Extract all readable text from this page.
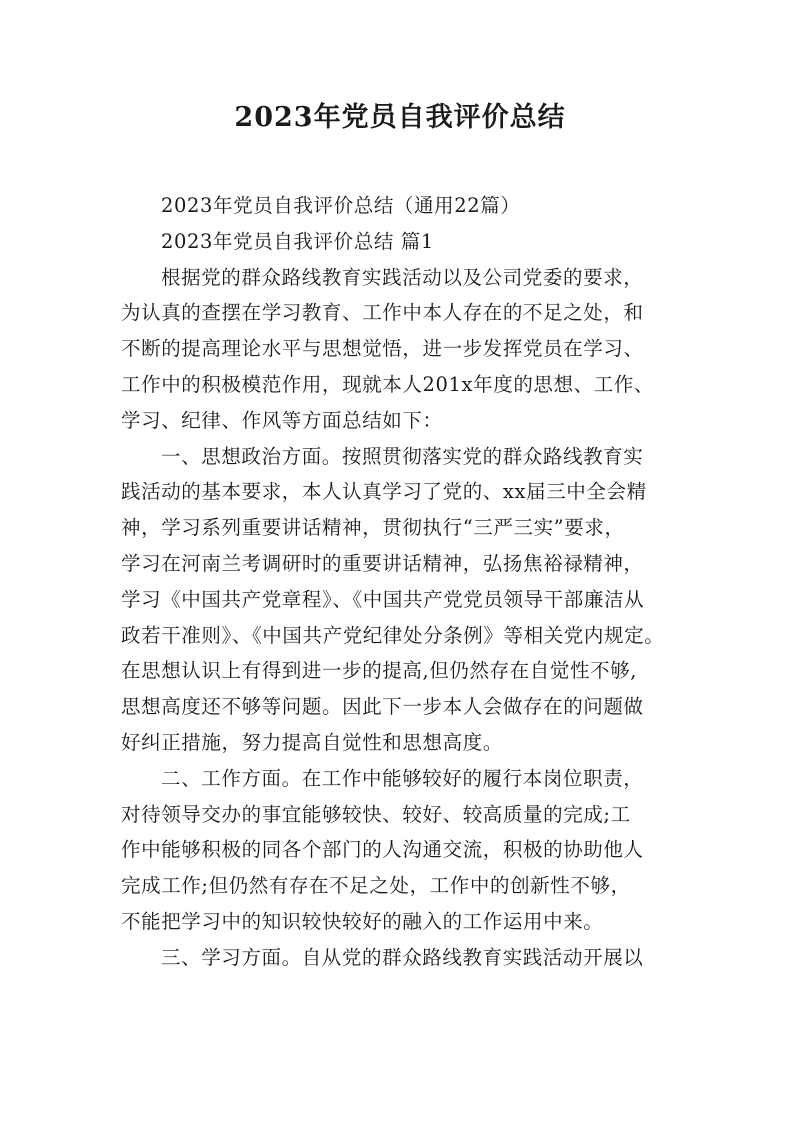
2023年党员自我评价总结
2023年党员自我评价总结（通用22篇）
2023年党员自我评价总结 篇1
根据党的群众路线教育实践活动以及公司党委的要求，
为认真的查摆在学习教育、工作中本人存在的不足之处，和
不断的提高理论水平与思想觉悟，进一步发挥党员在学习、
工作中的积极模范作用，现就本人201x年度的思想、工作、
学习、纪律、作风等方面总结如下：
一、思想政治方面。按照贯彻落实党的群众路线教育实
践活动的基本要求，本人认真学习了党的、xx届三中全会精
神，学习系列重要讲话精神，贯彻执行“三严三实”要求，
学习在河南兰考调研时的重要讲话精神，弘扬焦裕禄精神，
学习《中国共产党章程》、《中国共产党党员领导干部廉洁从
政若干准则》、《中国共产党纪律处分条例》等相关党内规定。
在思想认识上有得到进一步的提高,但仍然存在自觉性不够,
思想高度还不够等问题。因此下一步本人会做存在的问题做
好纠正措施，努力提高自觉性和思想高度。
二、工作方面。在工作中能够较好的履行本岗位职责，
对待领导交办的事宜能够较快、较好、较高质量的完成;工
作中能够积极的同各个部门的人沟通交流，积极的协助他人
完成工作;但仍然有存在不足之处，工作中的创新性不够，
不能把学习中的知识较快较好的融入的工作运用中来。
三、学习方面。自从党的群众路线教育实践活动开展以
